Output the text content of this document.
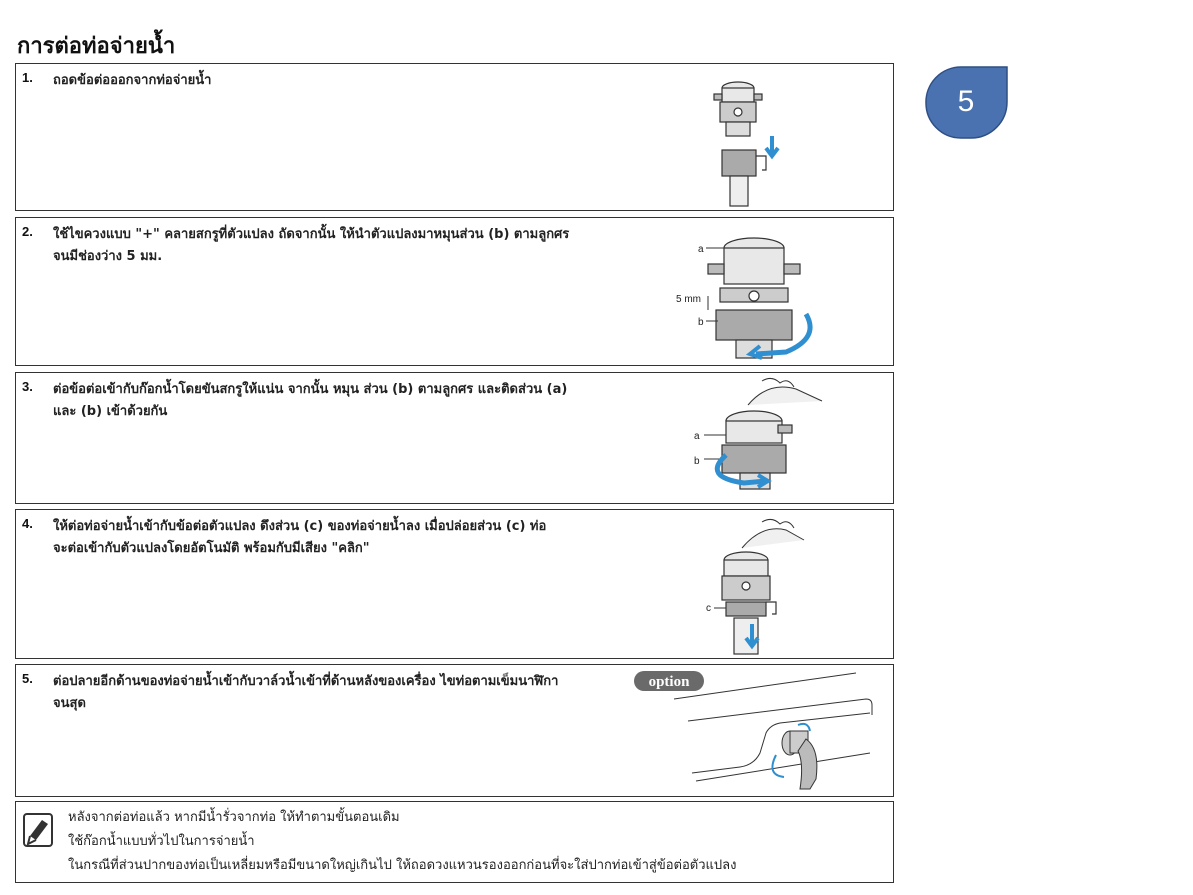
การต่อท่อจ่ายน้ำ
1. ถอดข้อต่อออกจากท่อจ่ายน้ำ
2. ใช้ไขควงแบบ "+" คลายสกรูที่ตัวแปลง ถัดจากนั้น ให้นำตัวแปลงมาหมุนส่วน (b) ตามลูกศร
จนมีช่องว่าง 5 มม.	a
5 mm
b
3. ต่อข้อต่อเข้ากับก๊อกน้ำโดยขันสกรูให้แน่น จากนั้น หมุน ส่วน (b) ตามลูกศร และติดส่วน (a)
และ (b) เข้าด้วยกัน
a
b
4. ให้ต่อท่อจ่ายน้ำเข้ากับข้อต่อตัวแปลง ดึงส่วน (c) ของท่อจ่ายน้ำลง เมื่อปล่อยส่วน (c) ท่อ
จะต่อเข้ากับตัวแปลงโดยอัตโนมัติ พร้อมกับมีเสียง "คลิก"
c
5. ต่อปลายอีกด้านของท่อจ่ายน้ำเข้ากับวาล์วน้ำเข้าที่ด้านหลังของเครื่อง ไขท่อตามเข็มนาฬิกา
จนสุด
option
หลังจากต่อท่อแล้ว หากมีน้ำรั่วจากท่อ ให้ทำตามขั้นตอนเดิม
ใช้ก๊อกน้ำแบบทั่วไปในการจ่ายน้ำ
ในกรณีที่ส่วนปากของท่อเป็นเหลี่ยมหรือมีขนาดใหญ่เกินไป ให้ถอดวงแหวนรองออกก่อนที่จะใส่ปากท่อเข้าสู่ข้อต่อตัวแปลง
5
